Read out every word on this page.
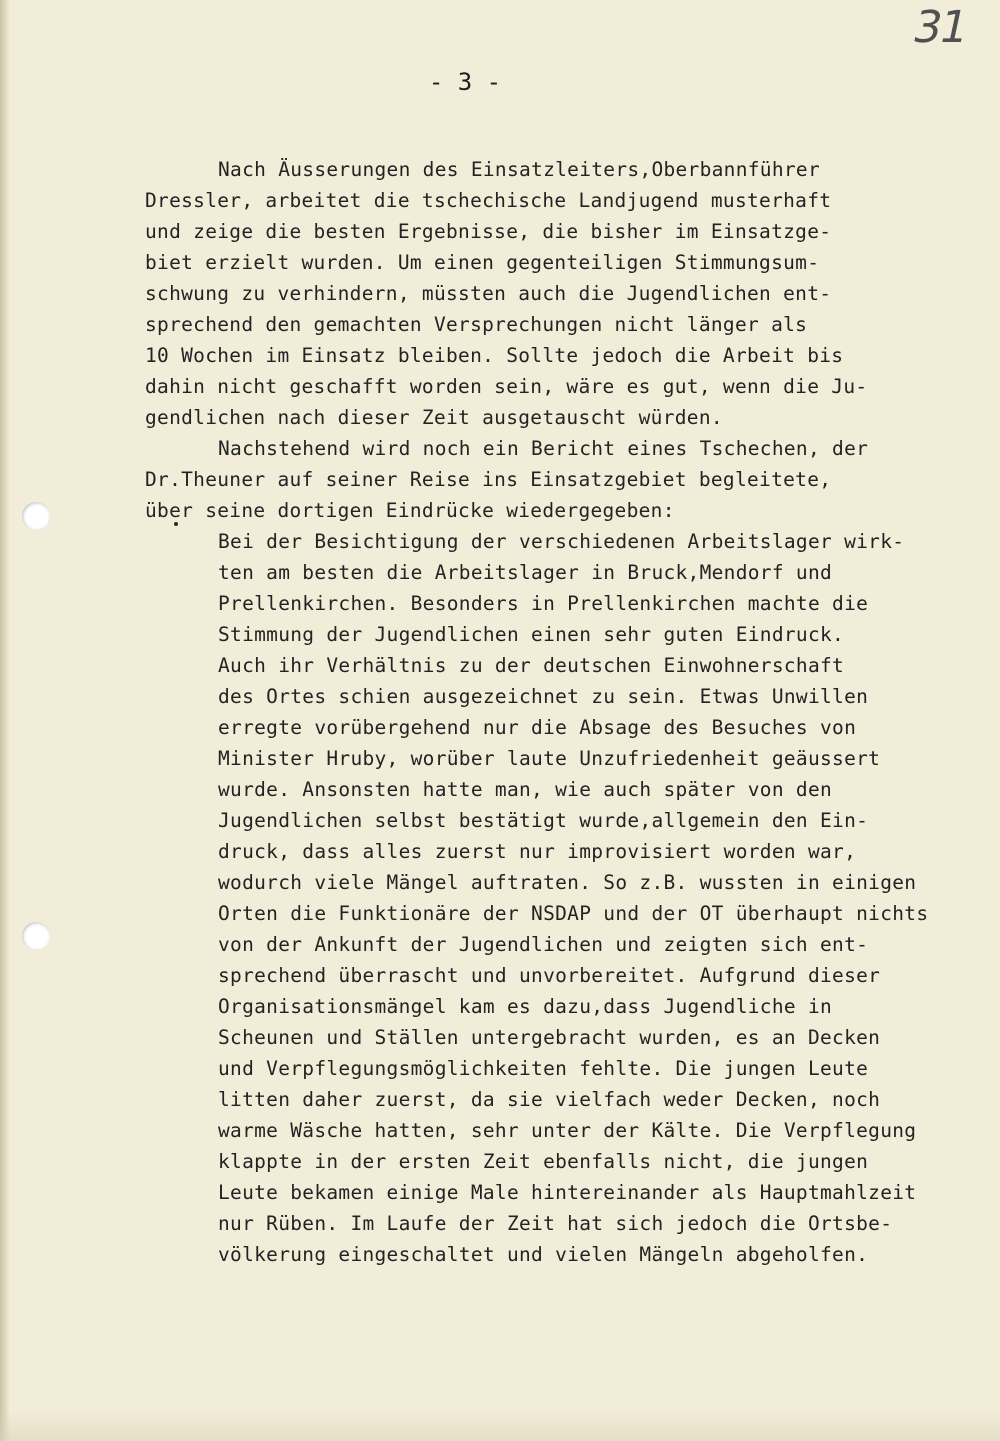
31
- 3 -
Nach Äusserungen des Einsatzleiters,Oberbannführer
Dressler, arbeitet die tschechische Landjugend musterhaft
und zeige die besten Ergebnisse, die bisher im Einsatzge-
biet erzielt wurden. Um einen gegenteiligen Stimmungsum-
schwung zu verhindern, müssten auch die Jugendlichen ent-
sprechend den gemachten Versprechungen nicht länger als
10 Wochen im Einsatz bleiben. Sollte jedoch die Arbeit bis
dahin nicht geschafft worden sein, wäre es gut, wenn die Ju-
gendlichen nach dieser Zeit ausgetauscht würden.
Nachstehend wird noch ein Bericht eines Tschechen, der
Dr.Theuner auf seiner Reise ins Einsatzgebiet begleitete,
über seine dortigen Eindrücke wiedergegeben:
Bei der Besichtigung der verschiedenen Arbeitslager wirk-
ten am besten die Arbeitslager in Bruck,Mendorf und
Prellenkirchen. Besonders in Prellenkirchen machte die
Stimmung der Jugendlichen einen sehr guten Eindruck.
Auch ihr Verhältnis zu der deutschen Einwohnerschaft
des Ortes schien ausgezeichnet zu sein. Etwas Unwillen
erregte vorübergehend nur die Absage des Besuches von
Minister Hruby, worüber laute Unzufriedenheit geäussert
wurde. Ansonsten hatte man, wie auch später von den
Jugendlichen selbst bestätigt wurde,allgemein den Ein-
druck, dass alles zuerst nur improvisiert worden war,
wodurch viele Mängel auftraten. So z.B. wussten in einigen
Orten die Funktionäre der NSDAP und der OT überhaupt nichts
von der Ankunft der Jugendlichen und zeigten sich ent-
sprechend überrascht und unvorbereitet. Aufgrund dieser
Organisationsmängel kam es dazu,dass Jugendliche in
Scheunen und Ställen untergebracht wurden, es an Decken
und Verpflegungsmöglichkeiten fehlte. Die jungen Leute
litten daher zuerst, da sie vielfach weder Decken, noch
warme Wäsche hatten, sehr unter der Kälte. Die Verpflegung
klappte in der ersten Zeit ebenfalls nicht, die jungen
Leute bekamen einige Male hintereinander als Hauptmahlzeit
nur Rüben. Im Laufe der Zeit hat sich jedoch die Ortsbe-
völkerung eingeschaltet und vielen Mängeln abgeholfen.
